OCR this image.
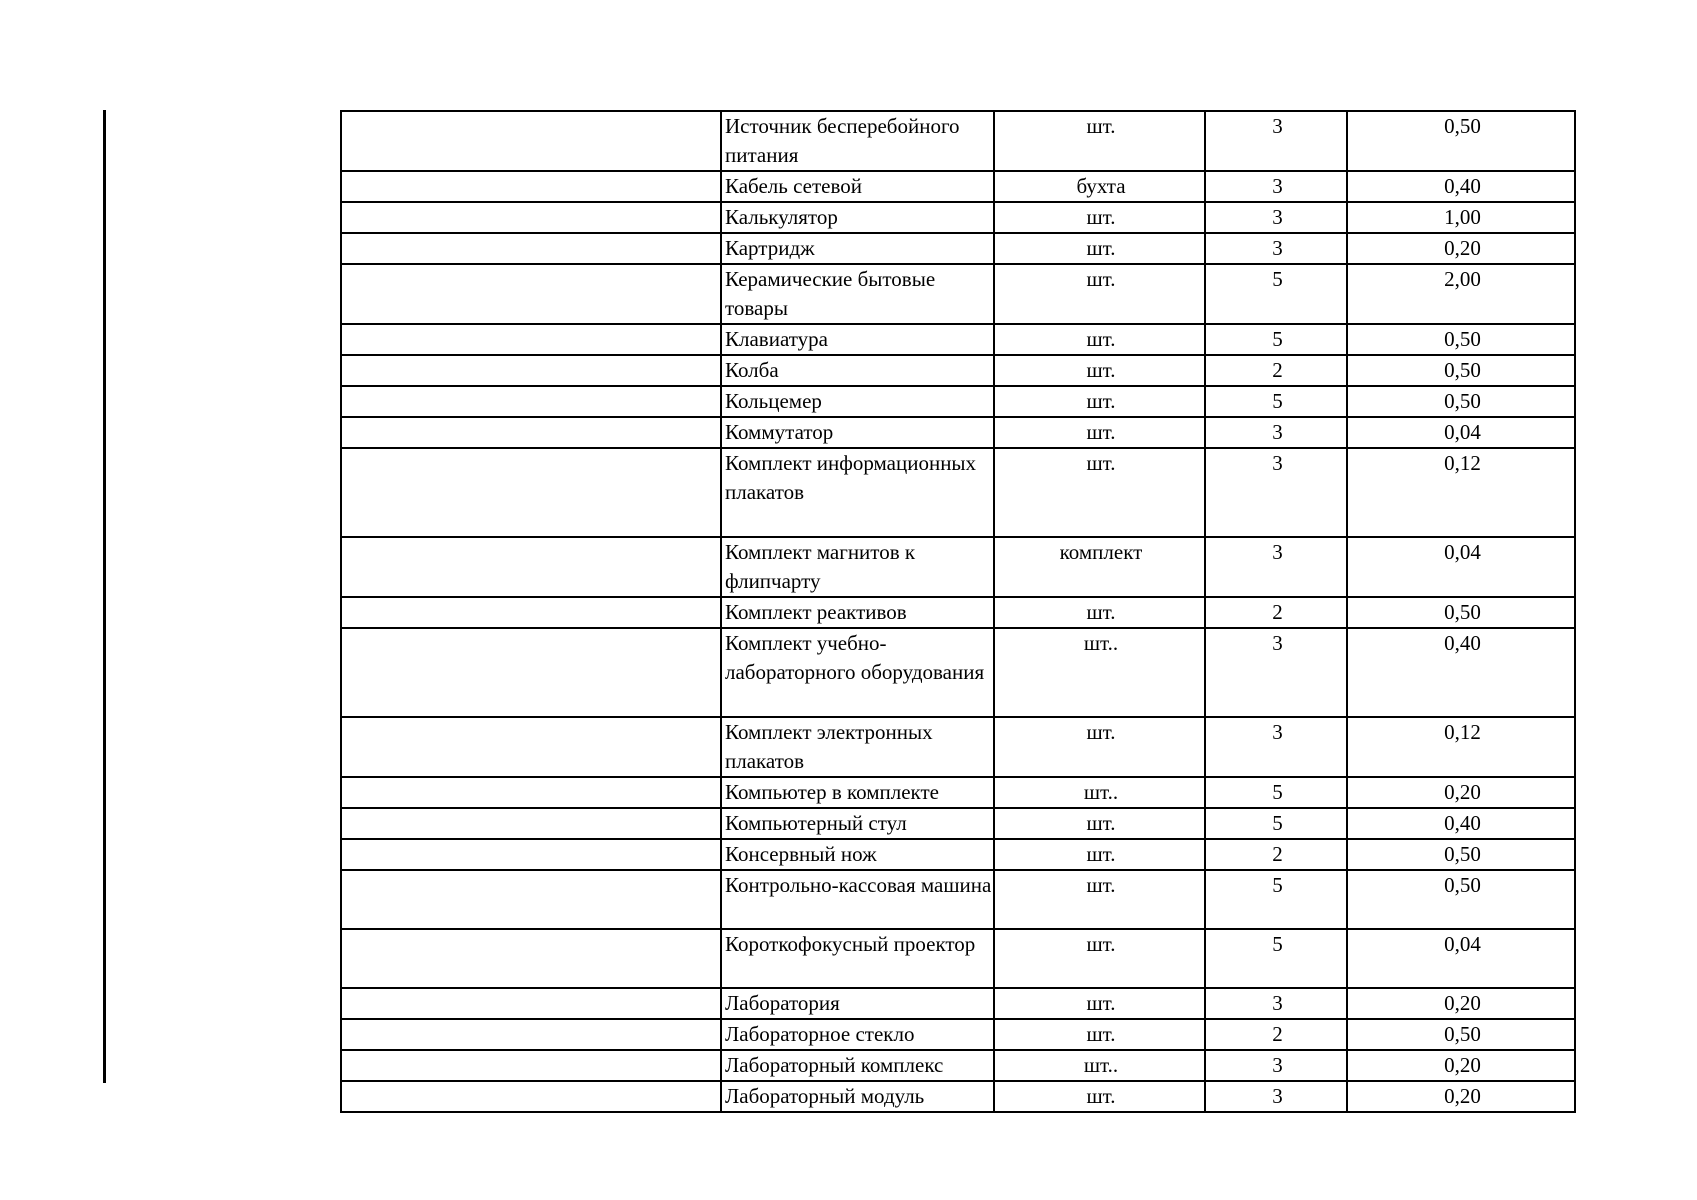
	Источник бесперебойного питания	шт.	3	0,50
	Кабель сетевой	бухта	3	0,40
	Калькулятор	шт.	3	1,00
	Картридж	шт.	3	0,20
	Керамические бытовые товары	шт.	5	2,00
	Клавиатура	шт.	5	0,50
	Колба	шт.	2	0,50
	Кольцемер	шт.	5	0,50
	Коммутатор	шт.	3	0,04
	Комплект информационных плакатов	шт.	3	0,12
	Комплект магнитов к флипчарту	комплект	3	0,04
	Комплект реактивов	шт.	2	0,50
	Комплект учебно-лабораторного оборудования	шт..	3	0,40
	Комплект электронных плакатов	шт.	3	0,12
	Компьютер в комплекте	шт..	5	0,20
	Компьютерный стул	шт.	5	0,40
	Консервный нож	шт.	2	0,50
	Контрольно-кассовая машина	шт.	5	0,50
	Короткофокусный проектор	шт.	5	0,04
	Лаборатория	шт.	3	0,20
	Лабораторное стекло	шт.	2	0,50
	Лабораторный комплекс	шт..	3	0,20
	Лабораторный модуль	шт.	3	0,20
